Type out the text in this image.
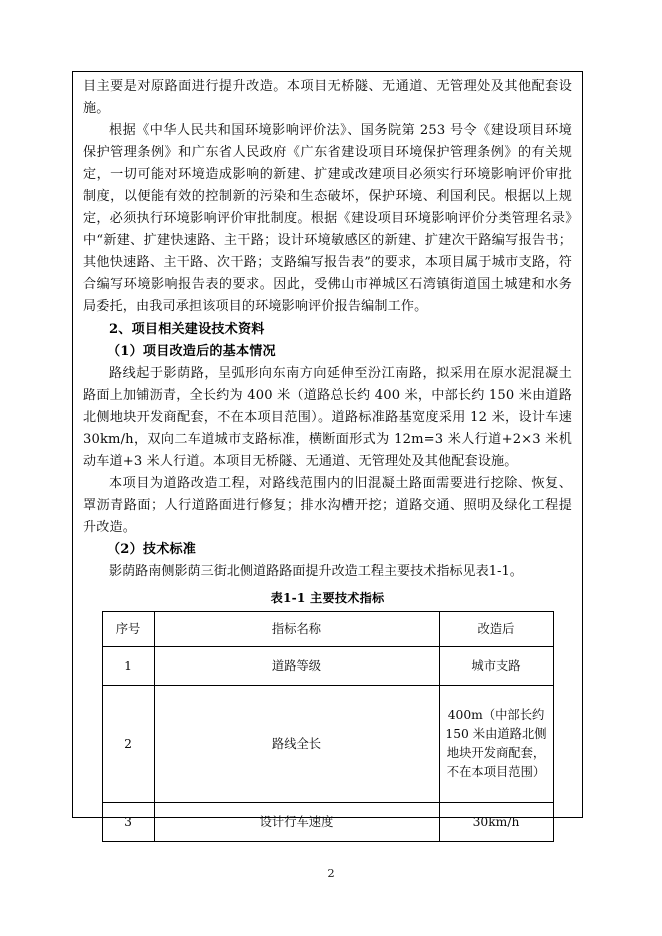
目主要是对原路面进行提升改造。本项目无桥隧、无通道、无管理处及其他配套设施。

根据《中华人民共和国环境影响评价法》、国务院第 253 号令《建设项目环境保护管理条例》和广东省人民政府《广东省建设项目环境保护管理条例》的有关规定，一切可能对环境造成影响的新建、扩建或改建项目必须实行环境影响评价审批制度，以便能有效的控制新的污染和生态破坏，保护环境、利国利民。根据以上规定，必须执行环境影响评价审批制度。根据《建设项目环境影响评价分类管理名录》中“新建、扩建快速路、主干路；设计环境敏感区的新建、扩建次干路编写报告书；其他快速路、主干路、次干路；支路编写报告表”的要求，本项目属于城市支路，符合编写环境影响报告表的要求。因此，受佛山市禅城区石湾镇街道国土城建和水务局委托，由我司承担该项目的环境影响评价报告编制工作。

2、项目相关建设技术资料

（1）项目改造后的基本情况

路线起于影荫路，呈弧形向东南方向延伸至汾江南路，拟采用在原水泥混凝土路面上加铺沥青，全长约为 400 米（道路总长约 400 米，中部长约 150 米由道路北侧地块开发商配套，不在本项目范围）。道路标准路基宽度采用 12 米，设计车速 30km/h，双向二车道城市支路标准，横断面形式为 12m=3 米人行道+2×3 米机动车道+3 米人行道。本项目无桥隧、无通道、无管理处及其他配套设施。

本项目为道路改造工程，对路线范围内的旧混凝土路面需要进行挖除、恢复、罩沥青路面；人行道路面进行修复；排水沟槽开挖；道路交通、照明及绿化工程提升改造。

（2）技术标准

影荫路南侧影荫三街北侧道路路面提升改造工程主要技术指标见表1-1。

表1-1 主要技术指标
序号	指标名称	改造后
1	道路等级	城市支路
2	路线全长	400m（中部长约 150 米由道路北侧地块开发商配套，不在本项目范围）
3	设计行车速度	30km/h
2
